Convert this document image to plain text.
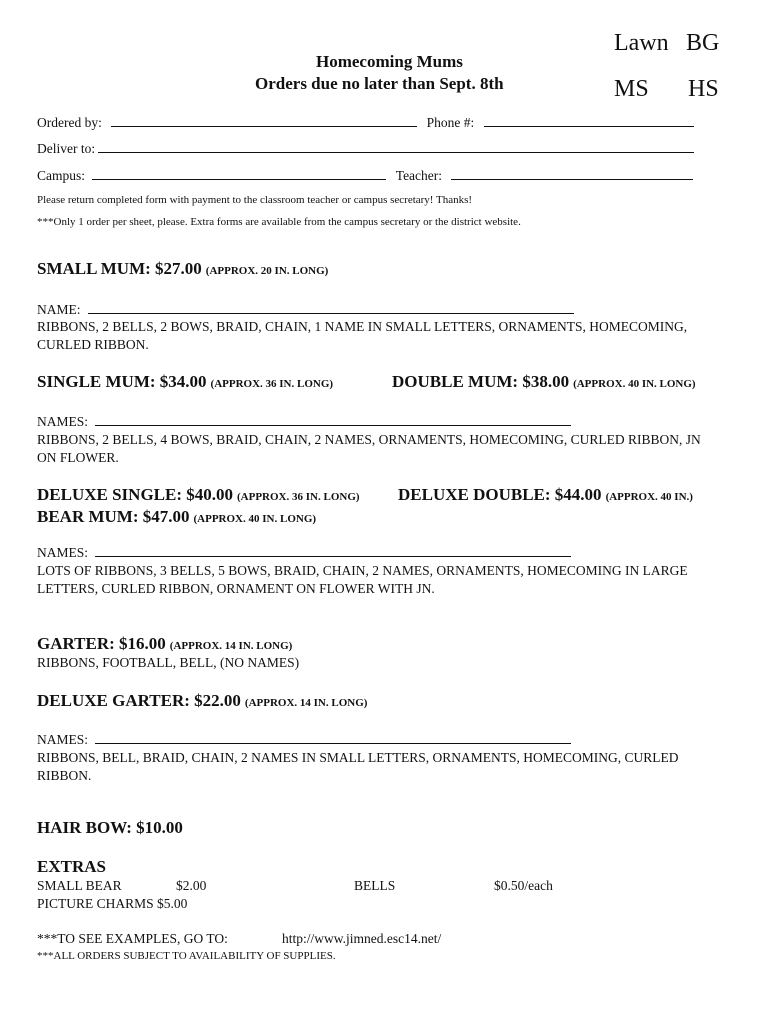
Homecoming Mums
Orders due no later than Sept. 8th
Lawn BG
MS HS
Ordered by:	Phone #:
Deliver to:
Campus:	Teacher:
Please return completed form with payment to the classroom teacher or campus secretary! Thanks!
***Only 1 order per sheet, please. Extra forms are available from the campus secretary or the district website.
SMALL MUM: $27.00 (APPROX. 20 IN. LONG)
NAME:
RIBBONS, 2 BELLS, 2 BOWS, BRAID, CHAIN, 1 NAME IN SMALL LETTERS, ORNAMENTS, HOMECOMING, CURLED RIBBON.
SINGLE MUM: $34.00 (APPROX. 36 IN. LONG)	DOUBLE MUM: $38.00 (APPROX. 40 IN. LONG)
NAMES:
RIBBONS, 2 BELLS, 4 BOWS, BRAID, CHAIN, 2 NAMES, ORNAMENTS, HOMECOMING, CURLED RIBBON, JN ON FLOWER.
DELUXE SINGLE: $40.00 (APPROX. 36 IN. LONG) DELUXE DOUBLE: $44.00 (APPROX. 40 IN.)
BEAR MUM: $47.00 (APPROX. 40 IN. LONG)
NAMES:
LOTS OF RIBBONS, 3 BELLS, 5 BOWS, BRAID, CHAIN, 2 NAMES, ORNAMENTS, HOMECOMING IN LARGE LETTERS, CURLED RIBBON, ORNAMENT ON FLOWER WITH JN.
GARTER: $16.00 (APPROX. 14 IN. LONG)
RIBBONS, FOOTBALL, BELL, (NO NAMES)
DELUXE GARTER: $22.00 (APPROX. 14 IN. LONG)
NAMES:
RIBBONS, BELL, BRAID, CHAIN, 2 NAMES IN SMALL LETTERS, ORNAMENTS, HOMECOMING, CURLED RIBBON.
HAIR BOW: $10.00
EXTRAS
SMALL BEAR	$2.00	BELLS	$0.50/each
PICTURE CHARMS $5.00
***TO SEE EXAMPLES, GO TO:	http://www.jimned.esc14.net/
***ALL ORDERS SUBJECT TO AVAILABILITY OF SUPPLIES.
